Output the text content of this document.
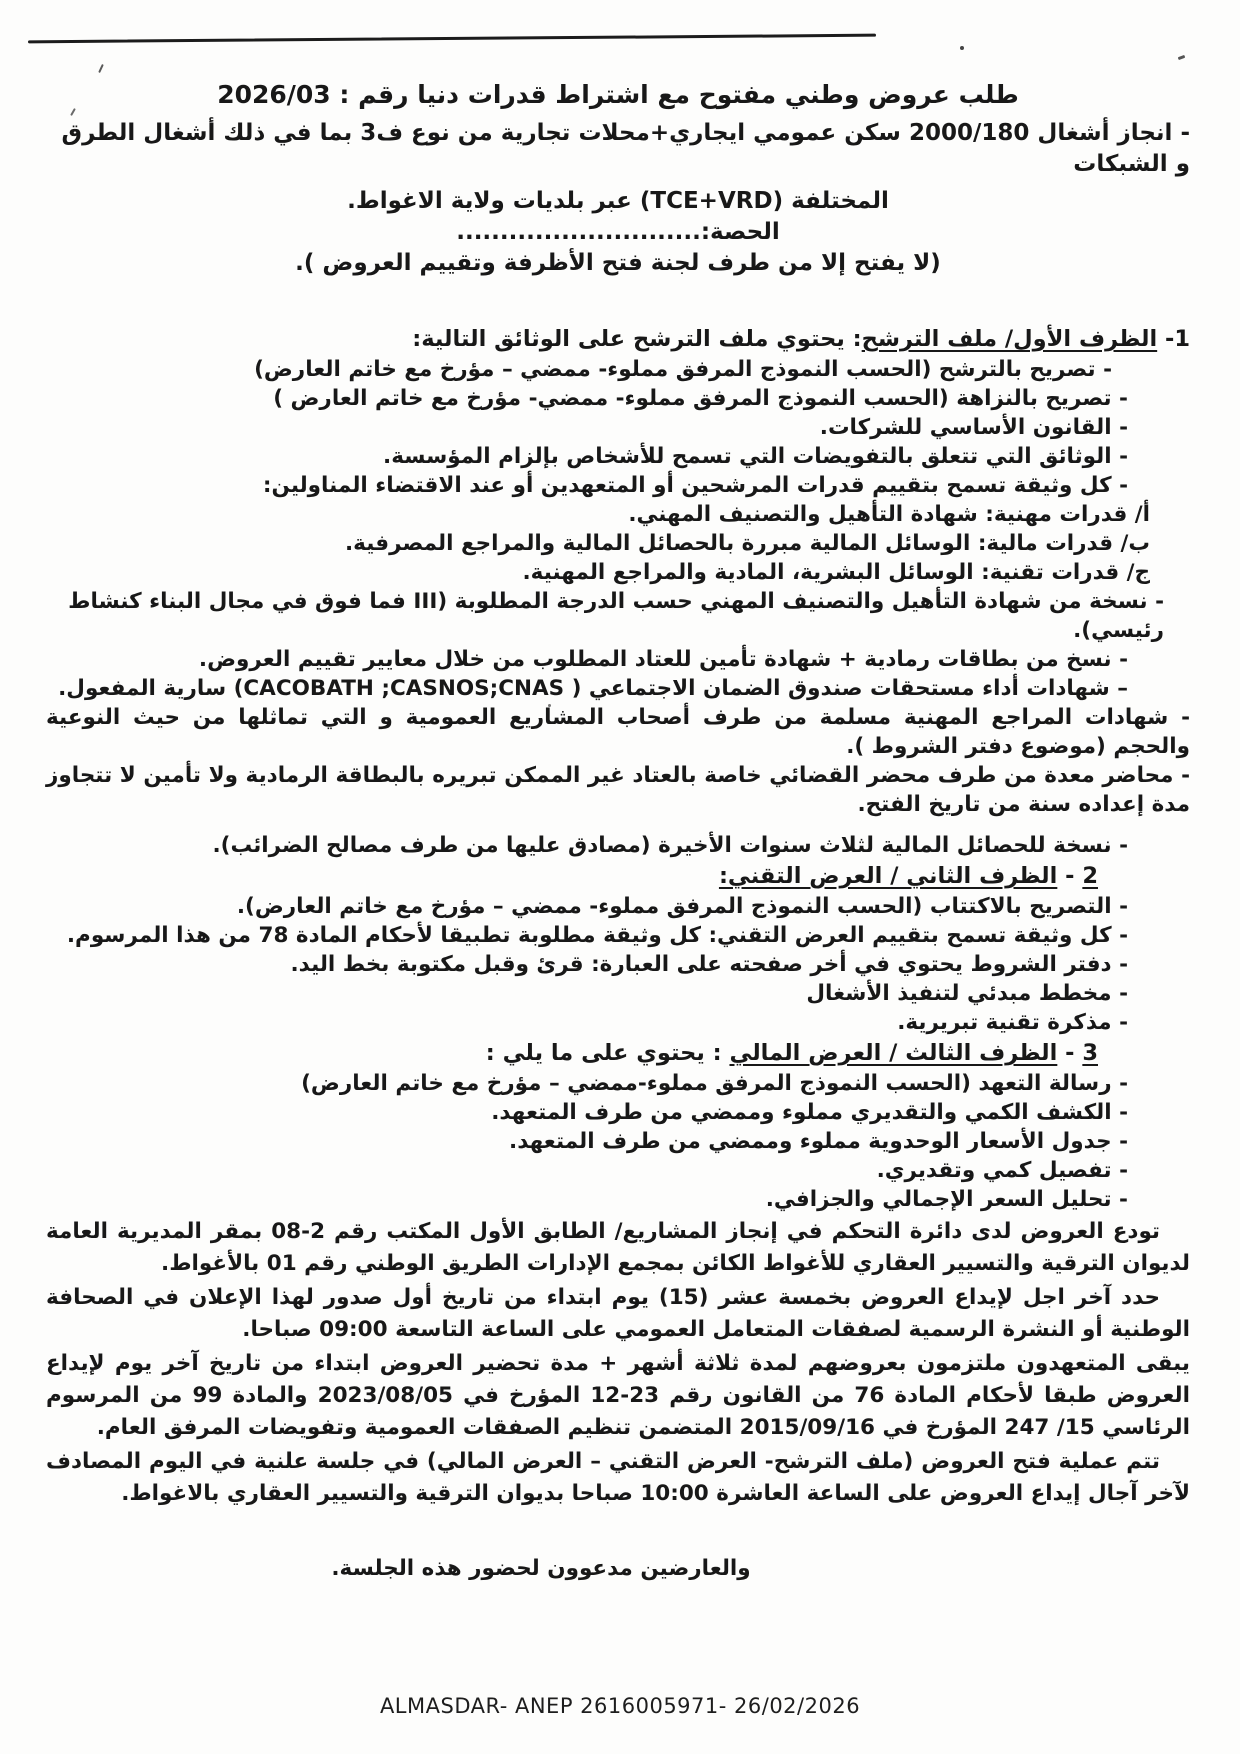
طلب عروض وطني مفتوح مع اشتراط قدرات دنيا رقم : 2026/03
- انجاز أشغال 2000/180 سكن عمومي ايجاري+محلات تجارية من نوع ف3 بما في ذلك أشغال الطرق و الشبكات
المختلفة (TCE+VRD) عبر بلديات ولاية الاغواط.
الحصة:............................
(لا يفتح إلا من طرف لجنة فتح الأظرفة وتقييم العروض ).
1- الظرف الأول/ ملف الترشح: يحتوي ملف الترشح على الوثائق التالية:
- تصريح بالترشح (الحسب النموذج المرفق مملوء- ممضي – مؤرخ مع خاتم العارض)
- تصريح بالنزاهة (الحسب النموذج المرفق مملوء- ممضي- مؤرخ مع خاتم العارض )
- القانون الأساسي للشركات.
- الوثائق التي تتعلق بالتفويضات التي تسمح للأشخاص بإلزام المؤسسة.
- كل وثيقة تسمح بتقييم قدرات المرشحين أو المتعهدين أو عند الاقتضاء المناولين:
أ/ قدرات مهنية: شهادة التأهيل والتصنيف المهني.
ب/ قدرات مالية: الوسائل المالية مبررة بالحصائل المالية والمراجع المصرفية.
ج/ قدرات تقنية: الوسائل البشرية، المادية والمراجع المهنية.
- نسخة من شهادة التأهيل والتصنيف المهني حسب الدرجة المطلوبة (III فما فوق في مجال البناء كنشاط رئيسي).
- نسخ من بطاقات رمادية + شهادة تأمين للعتاد المطلوب من خلال معايير تقييم العروض.
– شهادات أداء مستحقات صندوق الضمان الاجتماعي ( CACOBATH ;CASNOS;CNAS) سارية المفعول.
- شهادات المراجع المهنية مسلمة من طرف أصحاب المشاريع العمومية و التي تماثلها من حيث النوعية والحجم (موضوع دفتر الشروط ).
- محاضر معدة من طرف محضر القضائي خاصة بالعتاد غير الممكن تبريره بالبطاقة الرمادية ولا تأمين لا تتجاوز مدة إعداده سنة من تاريخ الفتح.
- نسخة للحصائل المالية لثلاث سنوات الأخيرة (مصادق عليها من طرف مصالح الضرائب).
2 - الظرف الثاني / العرض التقني:
- التصريح بالاكتتاب (الحسب النموذج المرفق مملوء- ممضي – مؤرخ مع خاتم العارض).
- كل وثيقة تسمح بتقييم العرض التقني: كل وثيقة مطلوبة تطبيقا لأحكام المادة 78 من هذا المرسوم.
- دفتر الشروط يحتوي في أخر صفحته على العبارة: قرئ وقبل مكتوبة بخط اليد.
- مخطط مبدئي لتنفيذ الأشغال
- مذكرة تقنية تبريرية.
3 - الظرف الثالث / العرض المالي : يحتوي على ما يلي :
- رسالة التعهد (الحسب النموذج المرفق مملوء-ممضي – مؤرخ مع خاتم العارض)
- الكشف الكمي والتقديري مملوء وممضي من طرف المتعهد.
- جدول الأسعار الوحدوية مملوء وممضي من طرف المتعهد.
- تفصيل كمي وتقديري.
- تحليل السعر الإجمالي والجزافي.
تودع العروض لدى دائرة التحكم في إنجاز المشاريع/ الطابق الأول المكتب رقم 2-08 بمقر المديرية العامة لديوان الترقية والتسيير العقاري للأغواط الكائن بمجمع الإدارات الطريق الوطني رقم 01 بالأغواط.
حدد آخر اجل لإيداع العروض بخمسة عشر (15) يوم ابتداء من تاريخ أول صدور لهذا الإعلان في الصحافة الوطنية أو النشرة الرسمية لصفقات المتعامل العمومي على الساعة التاسعة 09:00 صباحا.
يبقى المتعهدون ملتزمون بعروضهم لمدة ثلاثة أشهر + مدة تحضير العروض ابتداء من تاريخ آخر يوم لإيداع العروض طبقا لأحكام المادة 76 من القانون رقم 23-12 المؤرخ في 2023/08/05 والمادة 99 من المرسوم الرئاسي 15/ 247 المؤرخ في 2015/09/16 المتضمن تنظيم الصفقات العمومية وتفويضات المرفق العام.
تتم عملية فتح العروض (ملف الترشح- العرض التقني – العرض المالي) في جلسة علنية في اليوم المصادف لآخر آجال إيداع العروض على الساعة العاشرة 10:00 صباحا بديوان الترقية والتسيير العقاري بالاغواط.
والعارضين مدعوون لحضور هذه الجلسة.
ALMASDAR- ANEP 2616005971- 26/02/2026
